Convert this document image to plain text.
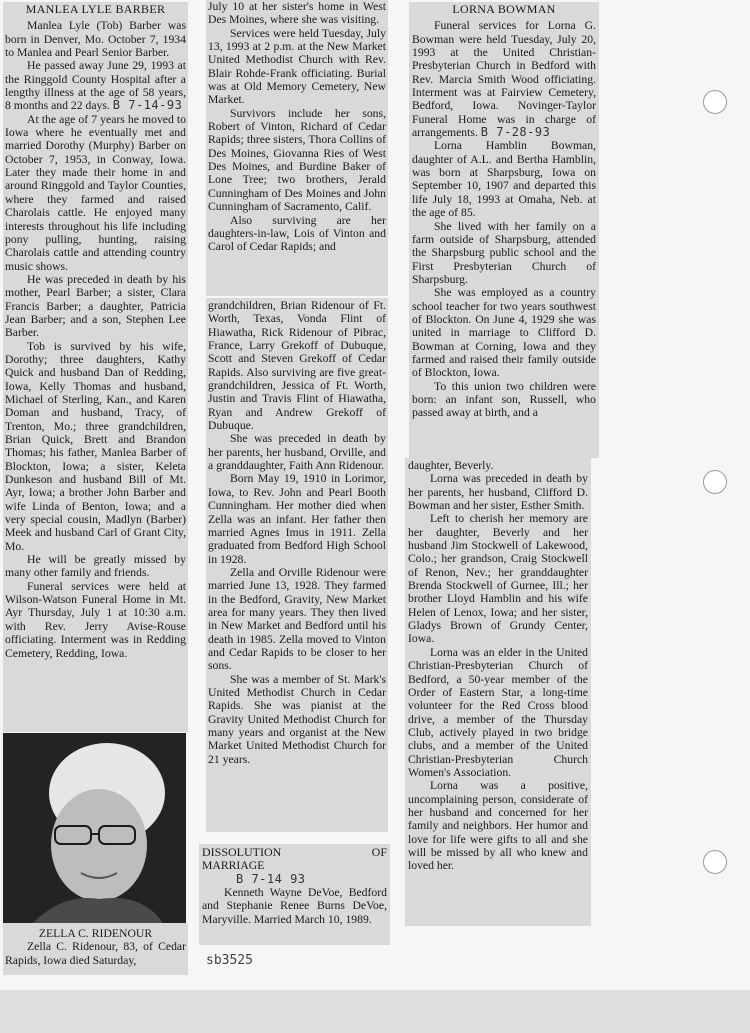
MANLEA LYLE BARBER

Manlea Lyle (Tob) Barber was born in Denver, Mo. October 7, 1934 to Manlea and Pearl Senior Barber.

He passed away June 29, 1993 at the Ringgold County Hospital after a lengthy illness at the age of 58 years, 8 months and 22 days. B 7-14-93

At the age of 7 years he moved to Iowa where he eventually met and married Dorothy (Murphy) Barber on October 7, 1953, in Conway, Iowa. Later they made their home in and around Ringgold and Taylor Counties, where they farmed and raised Charolais cattle. He enjoyed many interests throughout his life including pony pulling, hunting, raising Charolais cattle and attending country music shows.

He was preceded in death by his mother, Pearl Barber; a sister, Clara Francis Barber; a daughter, Patricia Jean Barber; and a son, Stephen Lee Barber.

Tob is survived by his wife, Dorothy; three daughters, Kathy Quick and husband Dan of Redding, Iowa, Kelly Thomas and husband, Michael of Sterling, Kan., and Karen Doman and husband, Tracy, of Trenton, Mo.; three grandchildren, Brian Quick, Brett and Brandon Thomas; his father, Manlea Barber of Blockton, Iowa; a sister, Keleta Dunkeson and husband Bill of Mt. Ayr, Iowa; a brother John Barber and wife Linda of Benton, Iowa; and a very special cousin, Madlyn (Barber) Meek and husband Carl of Grant City, Mo.

He will be greatly missed by many other family and friends.

Funeral services were held at Wilson-Watson Funeral Home in Mt. Ayr Thursday, July 1 at 10:30 a.m. with Rev. Jerry Avise-Rouse officiating. Interment was in Redding Cemetery, Redding, Iowa.

ZELLA C. RIDENOUR

Zella C. Ridenour, 83, of Cedar Rapids, Iowa died Saturday,

July 10 at her sister's home in West Des Moines, where she was visiting.

Services were held Tuesday, July 13, 1993 at 2 p.m. at the New Market United Methodist Church with Rev. Blair Rohde-Frank officiating. Burial was at Old Memory Cemetery, New Market.

Survivors include her sons, Robert of Vinton, Richard of Cedar Rapids; three sisters, Thora Collins of Des Moines, Giovanna Ries of West Des Moines, and Burdine Baker of Lone Tree; two brothers, Jerald Cunningham of Des Moines and John Cunningham of Sacramento, Calif.

Also surviving are her daughters-in-law, Lois of Vinton and Carol of Cedar Rapids; and

grandchildren, Brian Ridenour of Ft. Worth, Texas, Vonda Flint of Hiawatha, Rick Ridenour of Pibrac, France, Larry Grekoff of Dubuque, Scott and Steven Grekoff of Cedar Rapids. Also surviving are five great-grandchildren, Jessica of Ft. Worth, Justin and Travis Flint of Hiawatha, Ryan and Andrew Grekoff of Dubuque.

She was preceded in death by her parents, her husband, Orville, and a granddaughter, Faith Ann Ridenour.

Born May 19, 1910 in Lorimor, Iowa, to Rev. John and Pearl Booth Cunningham. Her mother died when Zella was an infant. Her father then married Agnes Imus in 1911. Zella graduated from Bedford High School in 1928.

Zella and Orville Ridenour were married June 13, 1928. They farmed in the Bedford, Gravity, New Market area for many years. They then lived in New Market and Bedford until his death in 1985. Zella moved to Vinton and Cedar Rapids to be closer to her sons.

She was a member of St. Mark's United Methodist Church in Cedar Rapids. She was pianist at the Gravity United Methodist Church for many years and organist at the New Market United Methodist Church for 21 years.

DISSOLUTION	OF

MARRIAGE

B 7-14 93

Kenneth Wayne DeVoe, Bedford and Stephanie Renee Burns DeVoe, Maryville. Married March 10, 1989.

LORNA BOWMAN

Funeral services for Lorna G. Bowman were held Tuesday, July 20, 1993 at the United Christian-Presbyterian Church in Bedford with Rev. Marcia Smith Wood officiating. Interment was at Fairview Cemetery, Bedford, Iowa. Novinger-Taylor Funeral Home was in charge of arrangements. B 7-28-93

Lorna Hamblin Bowman, daughter of A.L. and Bertha Hamblin, was born at Sharpsburg, Iowa on September 10, 1907 and departed this life July 18, 1993 at Omaha, Neb. at the age of 85.

She lived with her family on a farm outside of Sharpsburg, attended the Sharpsburg public school and the First Presbyterian Church of Sharpsburg.

She was employed as a country school teacher for two years southwest of Blockton. On June 4, 1929 she was united in marriage to Clifford D. Bowman at Corning, Iowa and they farmed and raised their family outside of Blockton, Iowa.

To this union two children were born: an infant son, Russell, who passed away at birth, and a

daughter, Beverly.

Lorna was preceded in death by her parents, her husband, Clifford D. Bowman and her sister, Esther Smith.

Left to cherish her memory are her daughter, Beverly and her husband Jim Stockwell of Lakewood, Colo.; her grandson, Craig Stockwell of Renon, Nev.; her granddaughter Brenda Stockwell of Gurnee, Ill.; her brother Lloyd Hamblin and his wife Helen of Lenox, Iowa; and her sister, Gladys Brown of Grundy Center, Iowa.

Lorna was an elder in the United Christian-Presbyterian Church of Bedford, a 50-year member of the Order of Eastern Star, a long-time volunteer for the Red Cross blood drive, a member of the Thursday Club, actively played in two bridge clubs, and a member of the United Christian-Presbyterian Church Women's Association.

Lorna was a positive, uncomplaining person, considerate of her husband and concerned for her family and neighbors. Her humor and love for life were gifts to all and she will be missed by all who knew and loved her.

sb3525
